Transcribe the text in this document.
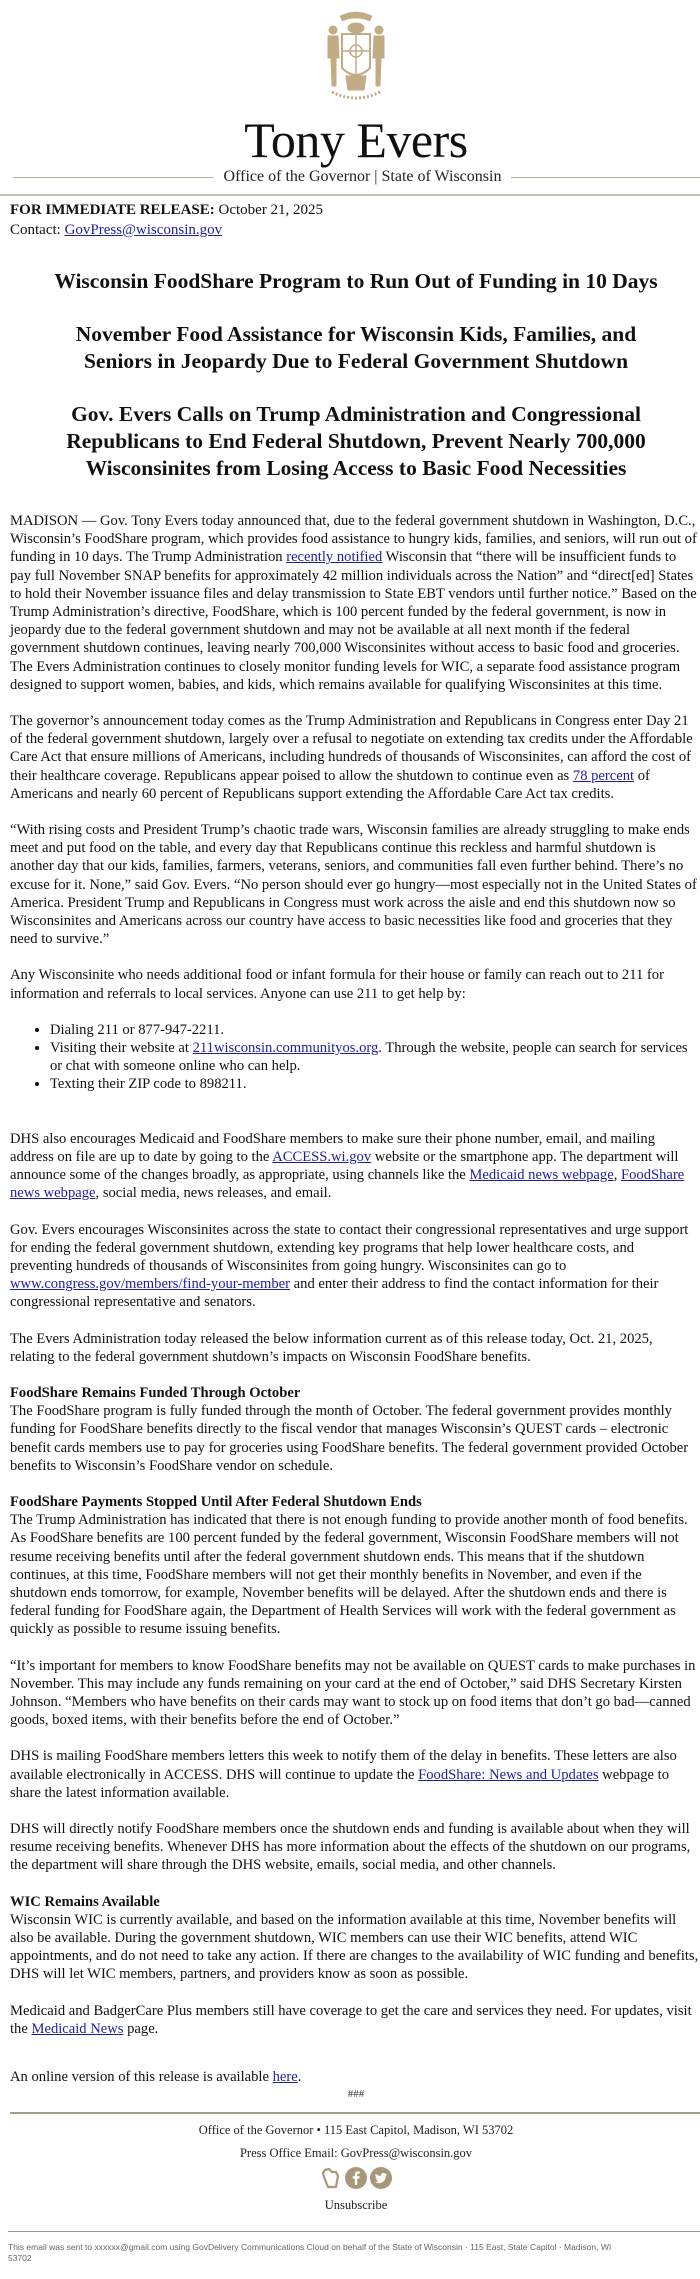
Tony Evers
Office of the Governor | State of Wisconsin
FOR IMMEDIATE RELEASE: October 21, 2025
Contact: GovPress@wisconsin.gov
Wisconsin FoodShare Program to Run Out of Funding in 10 Days
November Food Assistance for Wisconsin Kids, Families, and Seniors in Jeopardy Due to Federal Government Shutdown
Gov. Evers Calls on Trump Administration and Congressional Republicans to End Federal Shutdown, Prevent Nearly 700,000 Wisconsinites from Losing Access to Basic Food Necessities

MADISON — Gov. Tony Evers today announced that, due to the federal government shutdown in Washington, D.C., Wisconsin’s FoodShare program, which provides food assistance to hungry kids, families, and seniors, will run out of funding in 10 days. The Trump Administration recently notified Wisconsin that “there will be insufficient funds to pay full November SNAP benefits for approximately 42 million individuals across the Nation” and “direct[ed] States to hold their November issuance files and delay transmission to State EBT vendors until further notice.” Based on the Trump Administration’s directive, FoodShare, which is 100 percent funded by the federal government, is now in jeopardy due to the federal government shutdown and may not be available at all next month if the federal government shutdown continues, leaving nearly 700,000 Wisconsinites without access to basic food and groceries. The Evers Administration continues to closely monitor funding levels for WIC, a separate food assistance program designed to support women, babies, and kids, which remains available for qualifying Wisconsinites at this time.

The governor’s announcement today comes as the Trump Administration and Republicans in Congress enter Day 21 of the federal government shutdown, largely over a refusal to negotiate on extending tax credits under the Affordable Care Act that ensure millions of Americans, including hundreds of thousands of Wisconsinites, can afford the cost of their healthcare coverage. Republicans appear poised to allow the shutdown to continue even as 78 percent of Americans and nearly 60 percent of Republicans support extending the Affordable Care Act tax credits.

“With rising costs and President Trump’s chaotic trade wars, Wisconsin families are already struggling to make ends meet and put food on the table, and every day that Republicans continue this reckless and harmful shutdown is another day that our kids, families, farmers, veterans, seniors, and communities fall even further behind. There’s no excuse for it. None,” said Gov. Evers. “No person should ever go hungry—most especially not in the United States of America. President Trump and Republicans in Congress must work across the aisle and end this shutdown now so Wisconsinites and Americans across our country have access to basic necessities like food and groceries that they need to survive.”

Any Wisconsinite who needs additional food or infant formula for their house or family can reach out to 211 for information and referrals to local services. Anyone can use 211 to get help by:

• Dialing 211 or 877-947-2211.
• Visiting their website at 211wisconsin.communityos.org. Through the website, people can search for services or chat with someone online who can help.
• Texting their ZIP code to 898211.

DHS also encourages Medicaid and FoodShare members to make sure their phone number, email, and mailing address on file are up to date by going to the ACCESS.wi.gov website or the smartphone app. The department will announce some of the changes broadly, as appropriate, using channels like the Medicaid news webpage, FoodShare news webpage, social media, news releases, and email.

Gov. Evers encourages Wisconsinites across the state to contact their congressional representatives and urge support for ending the federal government shutdown, extending key programs that help lower healthcare costs, and preventing hundreds of thousands of Wisconsinites from going hungry. Wisconsinites can go to www.congress.gov/members/find-your-member and enter their address to find the contact information for their congressional representative and senators.

The Evers Administration today released the below information current as of this release today, Oct. 21, 2025, relating to the federal government shutdown’s impacts on Wisconsin FoodShare benefits.

FoodShare Remains Funded Through October
The FoodShare program is fully funded through the month of October. The federal government provides monthly funding for FoodShare benefits directly to the fiscal vendor that manages Wisconsin’s QUEST cards – electronic benefit cards members use to pay for groceries using FoodShare benefits. The federal government provided October benefits to Wisconsin’s FoodShare vendor on schedule.

FoodShare Payments Stopped Until After Federal Shutdown Ends
The Trump Administration has indicated that there is not enough funding to provide another month of food benefits. As FoodShare benefits are 100 percent funded by the federal government, Wisconsin FoodShare members will not resume receiving benefits until after the federal government shutdown ends. This means that if the shutdown continues, at this time, FoodShare members will not get their monthly benefits in November, and even if the shutdown ends tomorrow, for example, November benefits will be delayed. After the shutdown ends and there is federal funding for FoodShare again, the Department of Health Services will work with the federal government as quickly as possible to resume issuing benefits.

“It’s important for members to know FoodShare benefits may not be available on QUEST cards to make purchases in November. This may include any funds remaining on your card at the end of October,” said DHS Secretary Kirsten Johnson. “Members who have benefits on their cards may want to stock up on food items that don’t go bad—canned goods, boxed items, with their benefits before the end of October.”

DHS is mailing FoodShare members letters this week to notify them of the delay in benefits. These letters are also available electronically in ACCESS. DHS will continue to update the FoodShare: News and Updates webpage to share the latest information available.

DHS will directly notify FoodShare members once the shutdown ends and funding is available about when they will resume receiving benefits. Whenever DHS has more information about the effects of the shutdown on our programs, the department will share through the DHS website, emails, social media, and other channels.

WIC Remains Available
Wisconsin WIC is currently available, and based on the information available at this time, November benefits will also be available. During the government shutdown, WIC members can use their WIC benefits, attend WIC appointments, and do not need to take any action. If there are changes to the availability of WIC funding and benefits, DHS will let WIC members, partners, and providers know as soon as possible.

Medicaid and BadgerCare Plus members still have coverage to get the care and services they need. For updates, visit the Medicaid News page.

An online version of this release is available here.

###
Office of the Governor • 115 East Capitol, Madison, WI 53702
Press Office Email: GovPress@wisconsin.gov
Unsubscribe
This email was sent to xxxxxx@gmail.com using GovDelivery Communications Cloud on behalf of the State of Wisconsin · 115 East, State Capitol · Madison, WI 53702
